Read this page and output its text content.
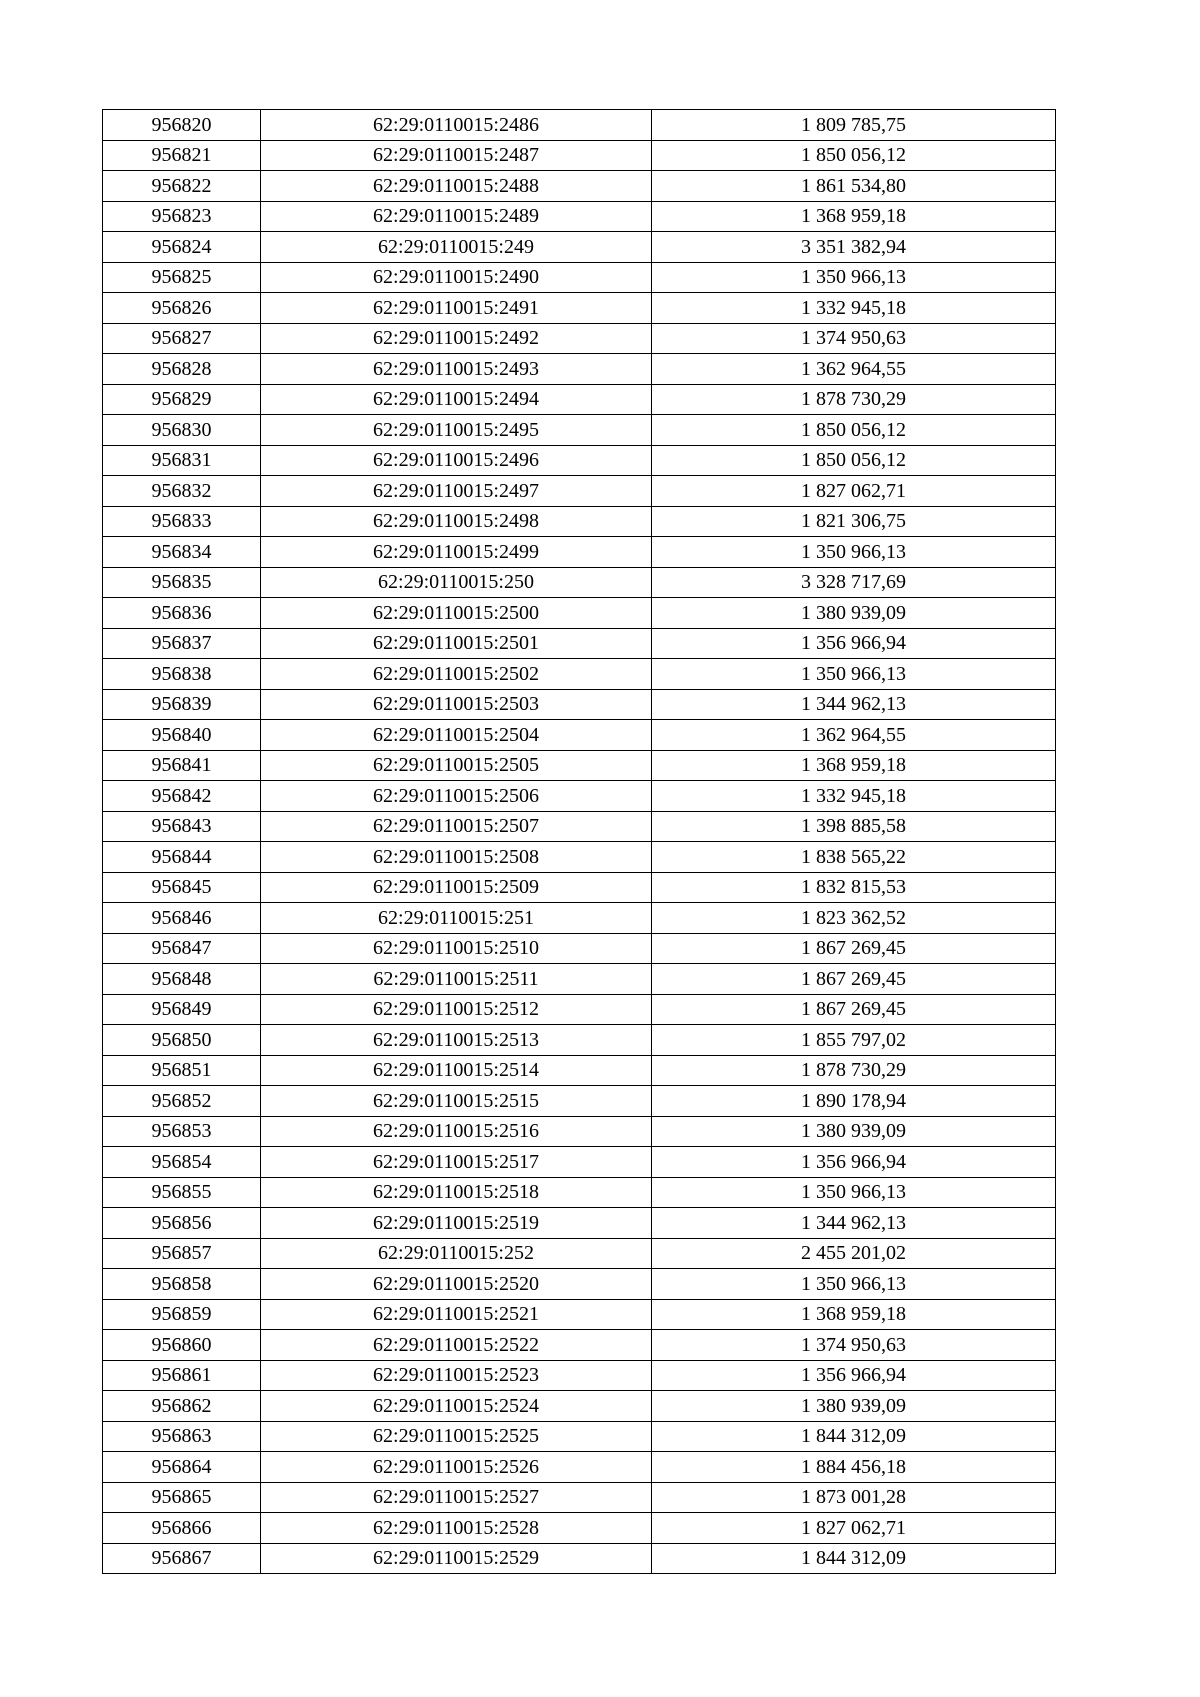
956820	62:29:0110015:2486	1 809 785,75
956821	62:29:0110015:2487	1 850 056,12
956822	62:29:0110015:2488	1 861 534,80
956823	62:29:0110015:2489	1 368 959,18
956824	62:29:0110015:249	3 351 382,94
956825	62:29:0110015:2490	1 350 966,13
956826	62:29:0110015:2491	1 332 945,18
956827	62:29:0110015:2492	1 374 950,63
956828	62:29:0110015:2493	1 362 964,55
956829	62:29:0110015:2494	1 878 730,29
956830	62:29:0110015:2495	1 850 056,12
956831	62:29:0110015:2496	1 850 056,12
956832	62:29:0110015:2497	1 827 062,71
956833	62:29:0110015:2498	1 821 306,75
956834	62:29:0110015:2499	1 350 966,13
956835	62:29:0110015:250	3 328 717,69
956836	62:29:0110015:2500	1 380 939,09
956837	62:29:0110015:2501	1 356 966,94
956838	62:29:0110015:2502	1 350 966,13
956839	62:29:0110015:2503	1 344 962,13
956840	62:29:0110015:2504	1 362 964,55
956841	62:29:0110015:2505	1 368 959,18
956842	62:29:0110015:2506	1 332 945,18
956843	62:29:0110015:2507	1 398 885,58
956844	62:29:0110015:2508	1 838 565,22
956845	62:29:0110015:2509	1 832 815,53
956846	62:29:0110015:251	1 823 362,52
956847	62:29:0110015:2510	1 867 269,45
956848	62:29:0110015:2511	1 867 269,45
956849	62:29:0110015:2512	1 867 269,45
956850	62:29:0110015:2513	1 855 797,02
956851	62:29:0110015:2514	1 878 730,29
956852	62:29:0110015:2515	1 890 178,94
956853	62:29:0110015:2516	1 380 939,09
956854	62:29:0110015:2517	1 356 966,94
956855	62:29:0110015:2518	1 350 966,13
956856	62:29:0110015:2519	1 344 962,13
956857	62:29:0110015:252	2 455 201,02
956858	62:29:0110015:2520	1 350 966,13
956859	62:29:0110015:2521	1 368 959,18
956860	62:29:0110015:2522	1 374 950,63
956861	62:29:0110015:2523	1 356 966,94
956862	62:29:0110015:2524	1 380 939,09
956863	62:29:0110015:2525	1 844 312,09
956864	62:29:0110015:2526	1 884 456,18
956865	62:29:0110015:2527	1 873 001,28
956866	62:29:0110015:2528	1 827 062,71
956867	62:29:0110015:2529	1 844 312,09
